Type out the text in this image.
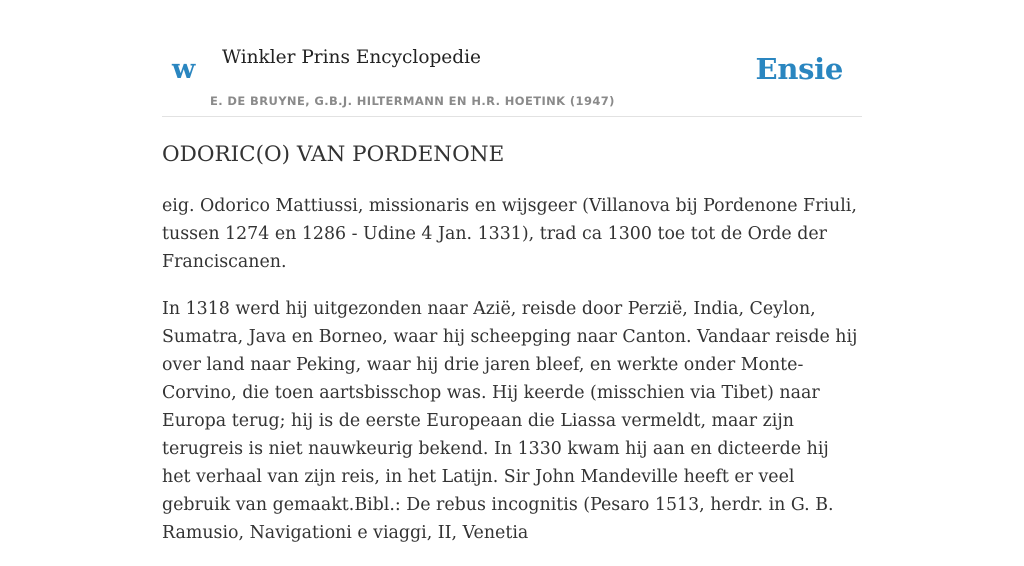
w Winkler Prins Encyclopedie
E. DE BRUYNE, G.B.J. HILTERMANN EN H.R. HOETINK (1947)
Ensie
ODORIC(O) VAN PORDENONE

eig. Odorico Mattiussi, missionaris en wijsgeer (Villanova bij Pordenone Friuli, tussen 1274 en 1286 - Udine 4 Jan. 1331), trad ca 1300 toe tot de Orde der Franciscanen.

In 1318 werd hij uitgezonden naar Azië, reisde door Perzië, India, Ceylon, Sumatra, Java en Borneo, waar hij scheepging naar Canton. Vandaar reisde hij over land naar Peking, waar hij drie jaren bleef, en werkte onder Monte-Corvino, die toen aartsbisschop was. Hij keerde (misschien via Tibet) naar Europa terug; hij is de eerste Europeaan die Liassa vermeldt, maar zijn terugreis is niet nauwkeurig bekend. In 1330 kwam hij aan en dicteerde hij het verhaal van zijn reis, in het Latijn. Sir John Mandeville heeft er veel gebruik van gemaakt.Bibl.: De rebus incognitis (Pesaro 1513, herdr. in G. B. Ramusio, Navigationi e viaggi, II, Venetia
